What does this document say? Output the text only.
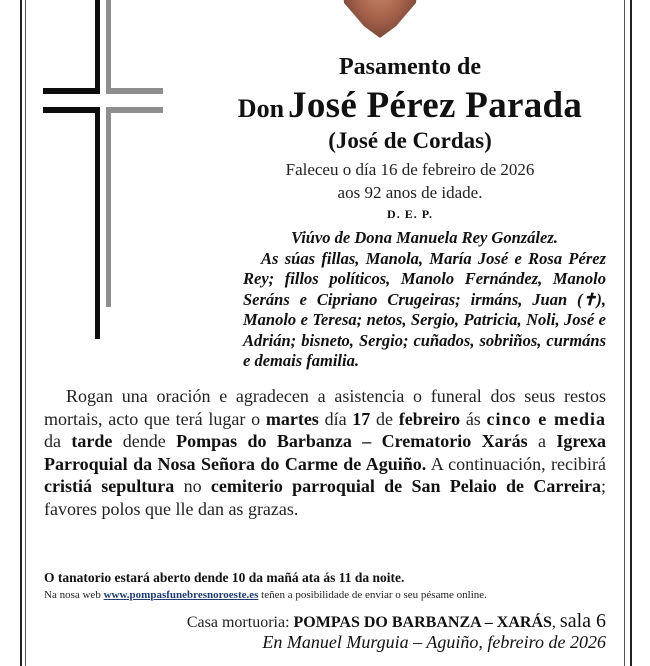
Pasamento de
Don José Pérez Parada
(José de Cordas)
Faleceu o día 16 de febreiro de 2026
aos 92 anos de idade.
D. E. P.
Viúvo de Dona Manuela Rey González.
As súas fillas, Manola, María José e Rosa Pérez Rey; fillos políticos, Manolo Fernández, Manolo Seráns e Cipriano Crugeiras; irmáns, Juan (✝), Manolo e Teresa; netos, Sergio, Patricia, Noli, José e Adrián; bisneto, Sergio; cuñados, sobriños, curmáns e demais familia.
Rogan una oración e agradecen a asistencia o funeral dos seus restos mortais, acto que terá lugar o martes día 17 de febreiro ás cinco e media da tarde dende Pompas do Barbanza – Crematorio Xarás a Igrexa Parroquial da Nosa Señora do Carme de Aguiño. A continuación, recibirá cristiá sepultura no cemiterio parroquial de San Pelaio de Carreira; favores polos que lle dan as grazas.
O tanatorio estará aberto dende 10 da mañá ata ás 11 da noite.
Na nosa web www.pompasfunebresnoroeste.es teñen a posibilidade de enviar o seu pésame online.
Casa mortuoria: POMPAS DO BARBANZA – XARÁS, sala 6
En Manuel Murguia – Aguiño, febreiro de 2026
